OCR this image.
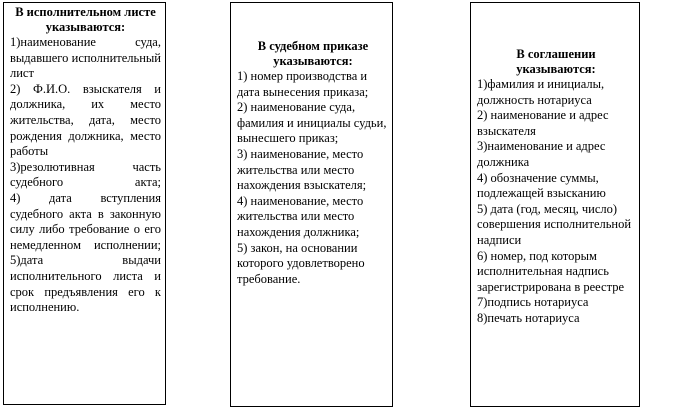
В исполнительном листе указываются:
1)наименование суда, выдавшего исполнительный лист
2) Ф.И.О. взыскателя и должника, их место жительства, дата, место рождения должника, место работы
3)резолютивная часть судебного акта;
4) дата вступления судебного акта в законную силу либо требование о его немедленном исполнении;
5)дата выдачи исполнительного листа и срок предъявления его к исполнению.
В судебном приказе указываются:
1) номер производства и дата вынесения приказа;
2) наименование суда, фамилия и инициалы судьи, вынесшего приказ;
3) наименование, место жительства или место нахождения взыскателя;
4) наименование, место жительства или место нахождения должника;
5) закон, на основании которого удовлетворено требование.
В соглашении указываются:
1)фамилия и инициалы, должность нотариуса
2) наименование и адрес взыскателя
3)наименование и адрес должника
4) обозначение суммы, подлежащей взысканию
5) дата (год, месяц, число) совершения исполнительной надписи
6) номер, под которым исполнительная надпись зарегистрирована в реестре
7)подпись нотариуса
8)печать нотариуса
